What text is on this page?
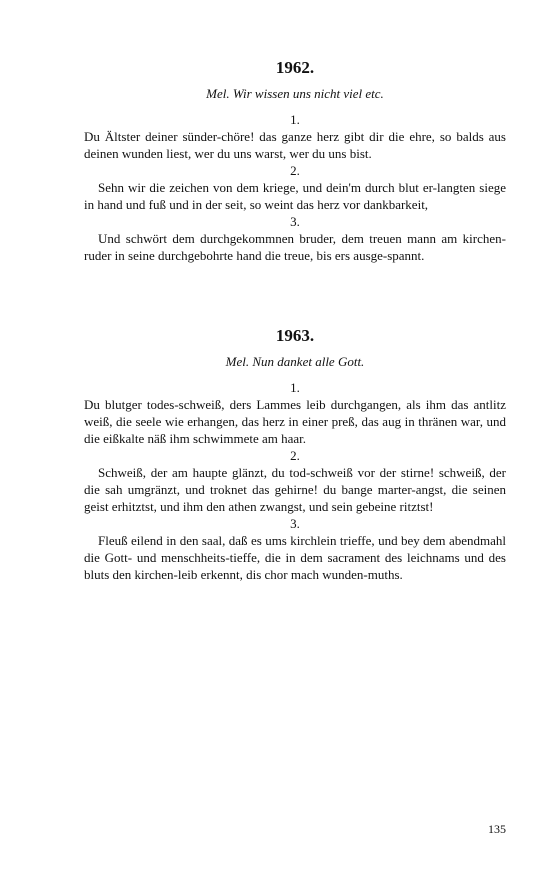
1962.

Mel. Wir wissen uns nicht viel etc.

1.

Du Ältster deiner sünder-chöre! das ganze herz gibt dir die ehre, so balds aus deinen wunden liest, wer du uns warst, wer du uns bist.

2.

Sehn wir die zeichen von dem kriege, und dein'm durch blut er-langten siege in hand und fuß und in der seit, so weint das herz vor dankbarkeit,

3.

Und schwört dem durchgekommnen bruder, dem treuen mann am kirchen-ruder in seine durchgebohrte hand die treue, bis ers ausge-spannt.

1963.

Mel. Nun danket alle Gott.

1.

Du blutger todes-schweiß, ders Lammes leib durchgangen, als ihm das antlitz weiß, die seele wie erhangen, das herz in einer preß, das aug in thränen war, und die eißkalte näß ihm schwimmete am haar.

2.

Schweiß, der am haupte glänzt, du tod-schweiß vor der stirne! schweiß, der die sah umgränzt, und troknet das gehirne! du bange marter-angst, die seinen geist erhitztst, und ihm den athen zwangst, und sein gebeine ritztst!

3.

Fleuß eilend in den saal, daß es ums kirchlein trieffe, und bey dem abendmahl die Gott- und menschheits-tieffe, die in dem sacrament des leichnams und des bluts den kirchen-leib erkennt, dis chor mach wunden-muths.

135
